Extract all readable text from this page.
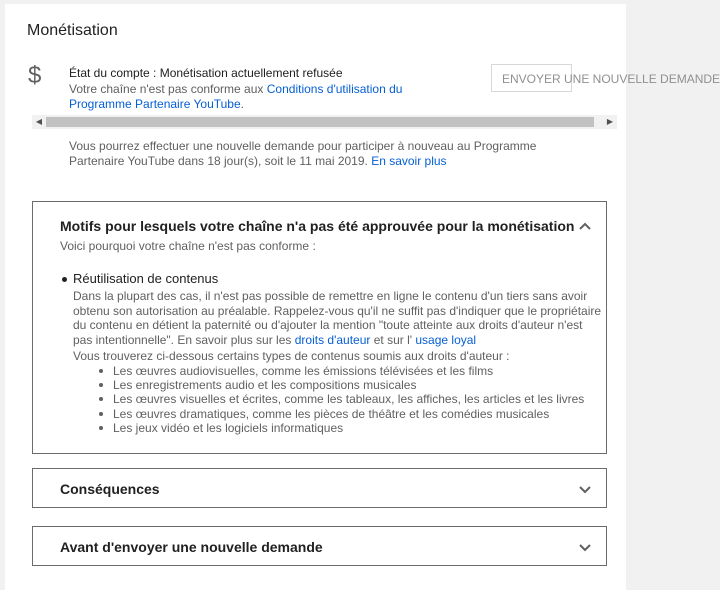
Monétisation
$ État du compte : Monétisation actuellement refusée
Votre chaîne n'est pas conforme aux Conditions d'utilisation du Programme Partenaire YouTube.
ENVOYER UNE NOUVELLE DEMANDE
◀	▶
Vous pourrez effectuer une nouvelle demande pour participer à nouveau au Programme Partenaire YouTube dans 18 jour(s), soit le 11 mai 2019. En savoir plus
Motifs pour lesquels votre chaîne n'a pas été approuvée pour la monétisation
Voici pourquoi votre chaîne n'est pas conforme :
Réutilisation de contenus
Dans la plupart des cas, il n'est pas possible de remettre en ligne le contenu d'un tiers sans avoir obtenu son autorisation au préalable. Rappelez-vous qu'il ne suffit pas d'indiquer que le propriétaire du contenu en détient la paternité ou d'ajouter la mention "toute atteinte aux droits d'auteur n'est pas intentionnelle". En savoir plus sur les droits d'auteur et sur l' usage loyal
Vous trouverez ci-dessous certains types de contenus soumis aux droits d'auteur :
Les œuvres audiovisuelles, comme les émissions télévisées et les films
Les enregistrements audio et les compositions musicales
Les œuvres visuelles et écrites, comme les tableaux, les affiches, les articles et les livres
Les œuvres dramatiques, comme les pièces de théâtre et les comédies musicales
Les jeux vidéo et les logiciels informatiques
Conséquences
Avant d'envoyer une nouvelle demande
